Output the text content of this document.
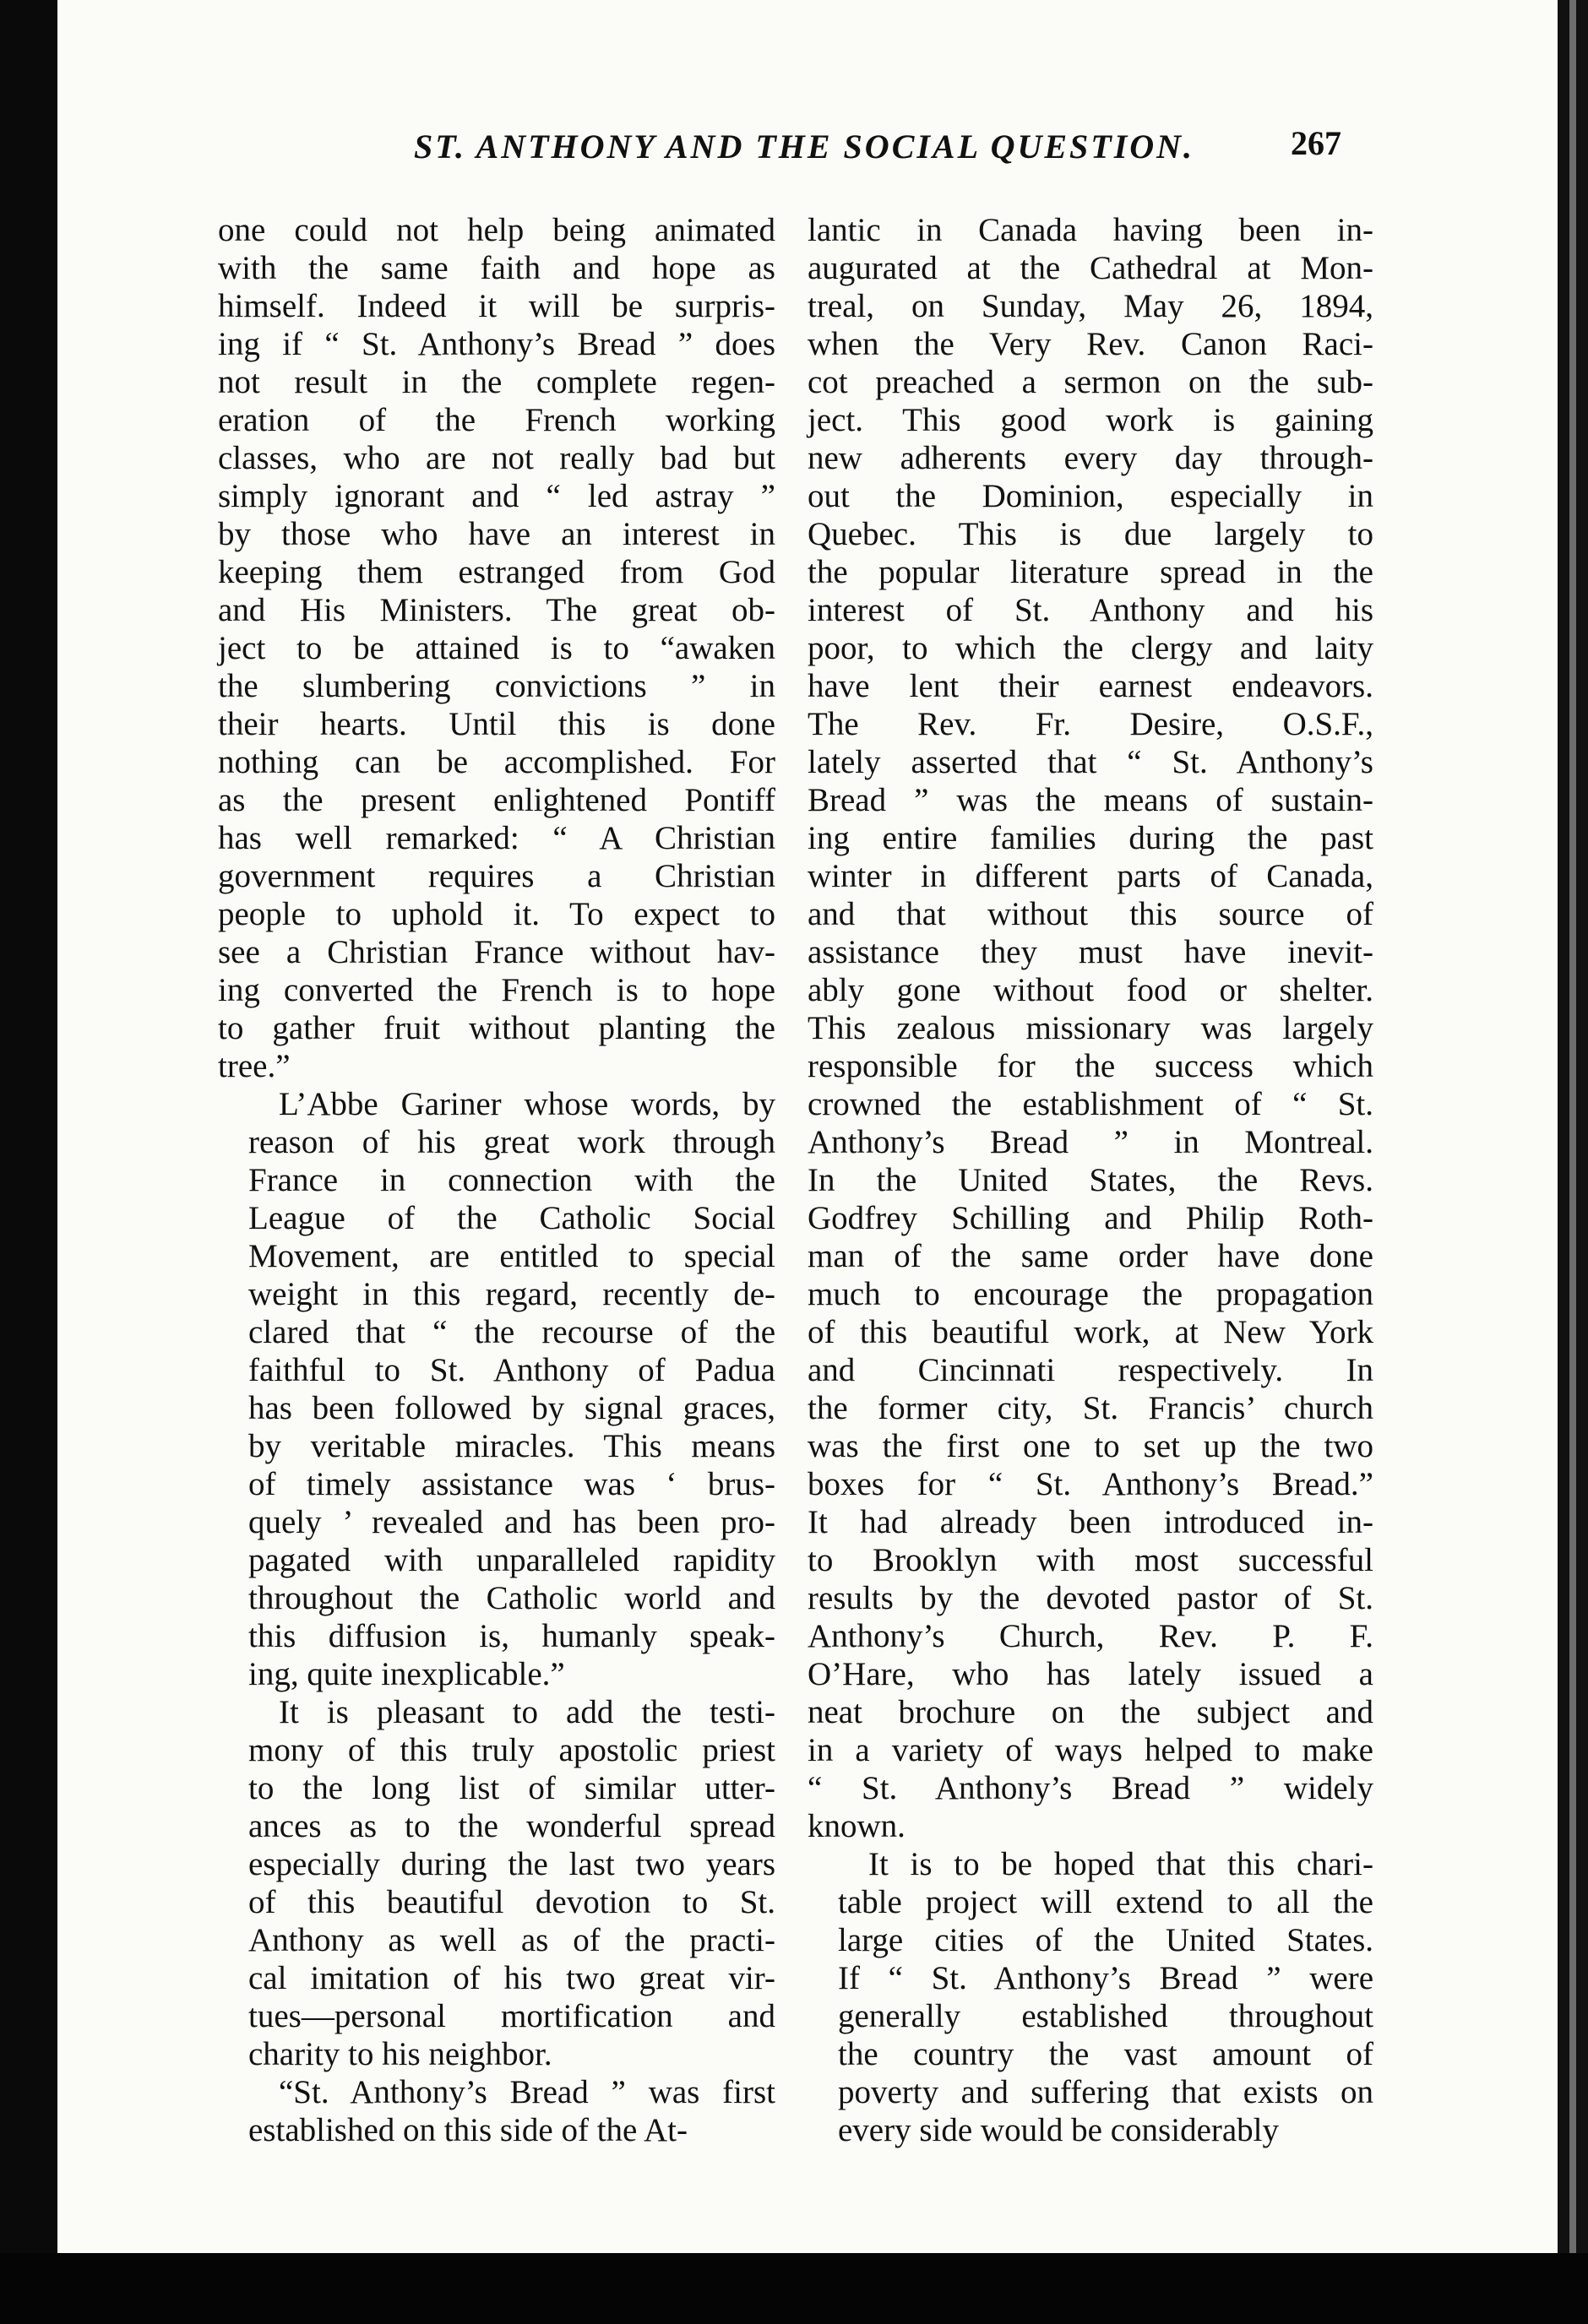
ST. ANTHONY AND THE SOCIAL QUESTION.	267

one could not help being animated
with the same faith and hope as
himself. Indeed it will be surpris-
ing if “ St. Anthony’s Bread ” does
not result in the complete regen-
eration of the French working
classes, who are not really bad but
simply ignorant and “ led astray ”
by those who have an interest in
keeping them estranged from God
and His Ministers. The great ob-
ject to be attained is to “awaken
the slumbering convictions ” in
their hearts. Until this is done
nothing can be accomplished. For
as the present enlightened Pontiff
has well remarked: “ A Christian
government requires a Christian
people to uphold it. To expect to
see a Christian France without hav-
ing converted the French is to hope
to gather fruit without planting the
tree.”

L’Abbe Gariner whose words, by
reason of his great work through
France in connection with the
League of the Catholic Social
Movement, are entitled to special
weight in this regard, recently de-
clared that “ the recourse of the
faithful to St. Anthony of Padua
has been followed by signal graces,
by veritable miracles. This means
of timely assistance was ‘ brus-
quely ’ revealed and has been pro-
pagated with unparalleled rapidity
throughout the Catholic world and
this diffusion is, humanly speak-
ing, quite inexplicable.”

It is pleasant to add the testi-
mony of this truly apostolic priest
to the long list of similar utter-
ances as to the wonderful spread
especially during the last two years
of this beautiful devotion to St.
Anthony as well as of the practi-
cal imitation of his two great vir-
tues—personal mortification and
charity to his neighbor.

“St. Anthony’s Bread ” was first
established on this side of the At-

lantic in Canada having been in-
augurated at the Cathedral at Mon-
treal, on Sunday, May 26, 1894,
when the Very Rev. Canon Raci-
cot preached a sermon on the sub-
ject. This good work is gaining
new adherents every day through-
out the Dominion, especially in
Quebec. This is due largely to
the popular literature spread in the
interest of St. Anthony and his
poor, to which the clergy and laity
have lent their earnest endeavors.
The Rev. Fr. Desire, O.S.F.,
lately asserted that “ St. Anthony’s
Bread ” was the means of sustain-
ing entire families during the past
winter in different parts of Canada,
and that without this source of
assistance they must have inevit-
ably gone without food or shelter.
This zealous missionary was largely
responsible for the success which
crowned the establishment of “ St.
Anthony’s Bread ” in Montreal.
In the United States, the Revs.
Godfrey Schilling and Philip Roth-
man of the same order have done
much to encourage the propagation
of this beautiful work, at New York
and Cincinnati respectively. In
the former city, St. Francis’ church
was the first one to set up the two
boxes for “ St. Anthony’s Bread.”
It had already been introduced in-
to Brooklyn with most successful
results by the devoted pastor of St.
Anthony’s Church, Rev. P. F.
O’Hare, who has lately issued a
neat brochure on the subject and
in a variety of ways helped to make
“ St. Anthony’s Bread ” widely
known.

It is to be hoped that this chari-
table project will extend to all the
large cities of the United States.
If “ St. Anthony’s Bread ” were
generally established throughout
the country the vast amount of
poverty and suffering that exists on
every side would be considerably
